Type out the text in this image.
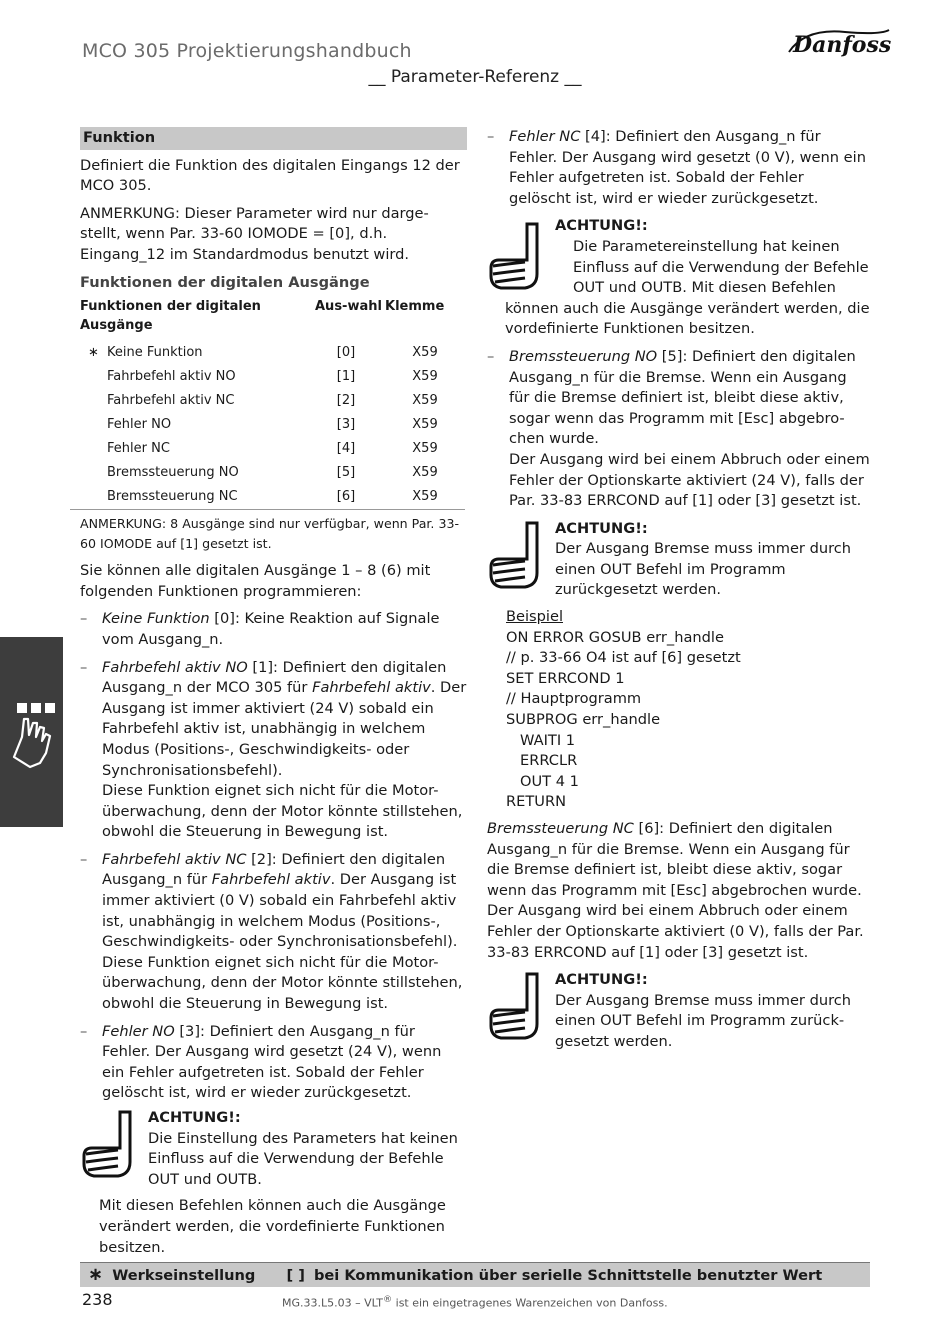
MCO 305 Projektierungshandbuch
__ Parameter-Referenz __
Danfoss
Funktion

Definiert die Funktion des digitalen Eingangs 12 der MCO 305.

ANMERKUNG: Dieser Parameter wird nur darge-stellt, wenn Par. 33-60 IOMODE = [0], d.h. Eingang_12 im Standardmodus benutzt wird.

Funktionen der digitalen Ausgänge
Funktionen der digitalen Ausgänge		Aus-wahl	Klemme
∗	Keine Funktion	[0]	X59
	Fahrbefehl aktiv NO	[1]	X59
	Fahrbefehl aktiv NC	[2]	X59
	Fehler NO	[3]	X59
	Fehler NC	[4]	X59
	Bremssteuerung NO	[5]	X59
	Bremssteuerung NC	[6]	X59
ANMERKUNG: 8 Ausgänge sind nur verfügbar, wenn Par. 33-60 IOMODE auf [1] gesetzt ist.

Sie können alle digitalen Ausgänge 1 – 8 (6) mit folgenden Funktionen programmieren:

– Keine Funktion [0]: Keine Reaktion auf Signale vom Ausgang_n.
– Fahrbefehl aktiv NO [1]: Definiert den digitalen Ausgang_n der MCO 305 für Fahrbefehl aktiv. Der Ausgang ist immer aktiviert (24 V) sobald ein Fahrbefehl aktiv ist, unabhängig in welchem Modus (Positions-, Geschwindigkeits- oder Synchronisationsbefehl).
Diese Funktion eignet sich nicht für die Motor-überwachung, denn der Motor könnte stillstehen, obwohl die Steuerung in Bewegung ist.
– Fahrbefehl aktiv NC [2]: Definiert den digitalen Ausgang_n für Fahrbefehl aktiv. Der Ausgang ist immer aktiviert (0 V) sobald ein Fahrbefehl aktiv ist, unabhängig in welchem Modus (Positions-, Geschwindigkeits- oder Synchronisationsbefehl). Diese Funktion eignet sich nicht für die Motor-überwachung, denn der Motor könnte stillstehen, obwohl die Steuerung in Bewegung ist.
– Fehler NO [3]: Definiert den Ausgang_n für Fehler. Der Ausgang wird gesetzt (24 V), wenn ein Fehler aufgetreten ist. Sobald der Fehler gelöscht ist, wird er wieder zurückgesetzt.
ACHTUNG!:
Die Einstellung des Parameters hat keinen Einfluss auf die Verwendung der Befehle OUT und OUTB.

Mit diesen Befehlen können auch die Ausgänge verändert werden, die vordefinierte Funktionen besitzen.

– Fehler NC [4]: Definiert den Ausgang_n für Fehler. Der Ausgang wird gesetzt (0 V), wenn ein Fehler aufgetreten ist. Sobald der Fehler gelöscht ist, wird er wieder zurückgesetzt.
ACHTUNG!:
Die Parametereinstellung hat keinen Einfluss auf die Verwendung der Befehle OUT und OUTB. Mit diesen Befehlen

können auch die Ausgänge verändert werden, die vordefinierte Funktionen besitzen.

– Bremssteuerung NO [5]: Definiert den digitalen Ausgang_n für die Bremse. Wenn ein Ausgang für die Bremse definiert ist, bleibt diese aktiv, sogar wenn das Programm mit [Esc] abgebro-chen wurde.
Der Ausgang wird bei einem Abbruch oder einem Fehler der Optionskarte aktiviert (24 V), falls der Par. 33-83 ERRCOND auf [1] oder [3] gesetzt ist.
ACHTUNG!:
Der Ausgang Bremse muss immer durch einen OUT Befehl im Programm zurückgesetzt werden.
Beispiel
ON ERROR GOSUB err_handle
// p. 33-66 O4 ist auf [6] gesetzt
SET ERRCOND 1
// Hauptprogramm
SUBPROG err_handle
WAITI 1
ERRCLR
OUT 4 1
RETURN

Bremssteuerung NC [6]: Definiert den digitalen Ausgang_n für die Bremse. Wenn ein Ausgang für die Bremse definiert ist, bleibt diese aktiv, sogar wenn das Programm mit [Esc] abgebrochen wurde. Der Ausgang wird bei einem Abbruch oder einem Fehler der Optionskarte aktiviert (0 V), falls der Par. 33-83 ERRCOND auf [1] oder [3] gesetzt ist.

ACHTUNG!:
Der Ausgang Bremse muss immer durch einen OUT Befehl im Programm zurück-gesetzt werden.
∗ Werkseinstellung [ ] bei Kommunikation über serielle Schnittstelle benutzter Wert
238	MG.33.L5.03 – VLT® ist ein eingetragenes Warenzeichen von Danfoss.
